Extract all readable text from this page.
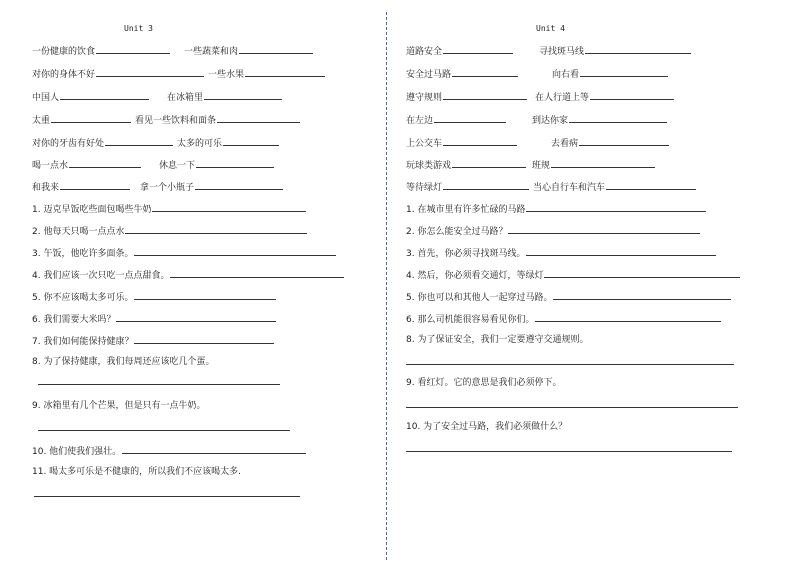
Unit 3
一份健康的饮食	一些蔬菜和肉
对你的身体不好	一些水果
中国人	在冰箱里
太重	看见一些饮料和面条
对你的牙齿有好处	太多的可乐
喝一点水	休息一下
和我来	拿一个小瓶子
1. 迈克早饭吃些面包喝些牛奶
2. 他每天只喝一点点水
3. 午饭，他吃许多面条。
4. 我们应该一次只吃一点点甜食。
5. 你不应该喝太多可乐。
6. 我们需要大米吗？
7. 我们如何能保持健康？
8. 为了保持健康，我们每周还应该吃几个蛋。
9. 冰箱里有几个芒果，但是只有一点牛奶。
10. 他们使我们强壮。
11. 喝太多可乐是不健康的，所以我们不应该喝太多.
Unit 4
道路安全	寻找斑马线
安全过马路	向右看
遵守规则	在人行道上等
在左边	到达你家
上公交车	去看病
玩球类游戏	班规
等待绿灯	当心自行车和汽车
1. 在城市里有许多忙碌的马路
2. 你怎么能安全过马路？
3. 首先，你必须寻找斑马线。
4. 然后，你必须看交通灯，等绿灯
5. 你也可以和其他人一起穿过马路。
6. 那么司机能很容易看见你们。
8. 为了保证安全，我们一定要遵守交通规则。
9. 看红灯。它的意思是我们必须停下。
10. 为了安全过马路，我们必须做什么？
